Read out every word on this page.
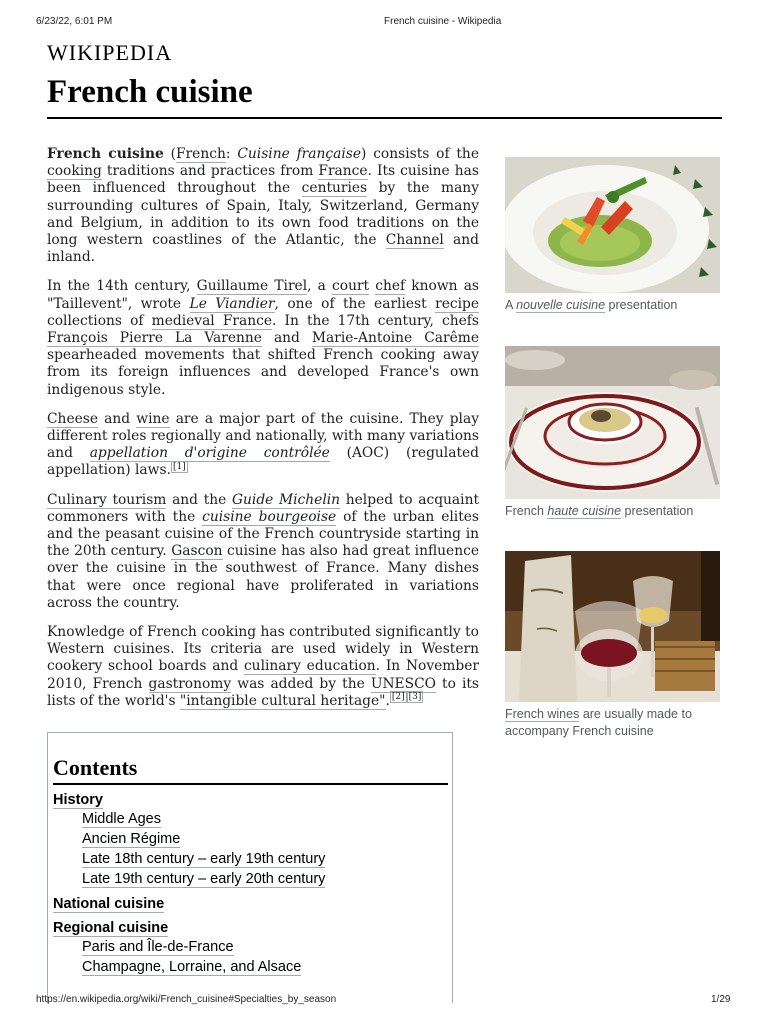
6/23/22, 6:01 PM	French cuisine - Wikipedia
WIKIPEDIA
French cuisine

French cuisine (French: Cuisine française) consists of the cooking traditions and practices from France. Its cuisine has been influenced throughout the centuries by the many surrounding cultures of Spain, Italy, Switzerland, Germany and Belgium, in addition to its own food traditions on the long western coastlines of the Atlantic, the Channel and inland.

In the 14th century, Guillaume Tirel, a court chef known as "Taillevent", wrote Le Viandier, one of the earliest recipe collections of medieval France. In the 17th century, chefs François Pierre La Varenne and Marie-Antoine Carême spearheaded movements that shifted French cooking away from its foreign influences and developed France's own indigenous style.

Cheese and wine are a major part of the cuisine. They play different roles regionally and nationally, with many variations and appellation d'origine contrôlée (AOC) (regulated appellation) laws. [1]

Culinary tourism and the Guide Michelin helped to acquaint commoners with the cuisine bourgeoise of the urban elites and the peasant cuisine of the French countryside starting in the 20th century. Gascon cuisine has also had great influence over the cuisine in the southwest of France. Many dishes that were once regional have proliferated in variations across the country.

Knowledge of French cooking has contributed significantly to Western cuisines. Its criteria are used widely in Western cookery school boards and culinary education. In November 2010, French gastronomy was added by the UNESCO to its lists of the world's "intangible cultural heritage". [2] [3]

A nouvelle cuisine presentation
French haute cuisine presentation
French wines are usually made to accompany French cuisine
Contents
History
Middle Ages
Ancien Régime
Late 18th century – early 19th century
Late 19th century – early 20th century
National cuisine
Regional cuisine
Paris and Île-de-France
Champagne, Lorraine, and Alsace
https://en.wikipedia.org/wiki/French_cuisine#Specialties_by_season	1/29
